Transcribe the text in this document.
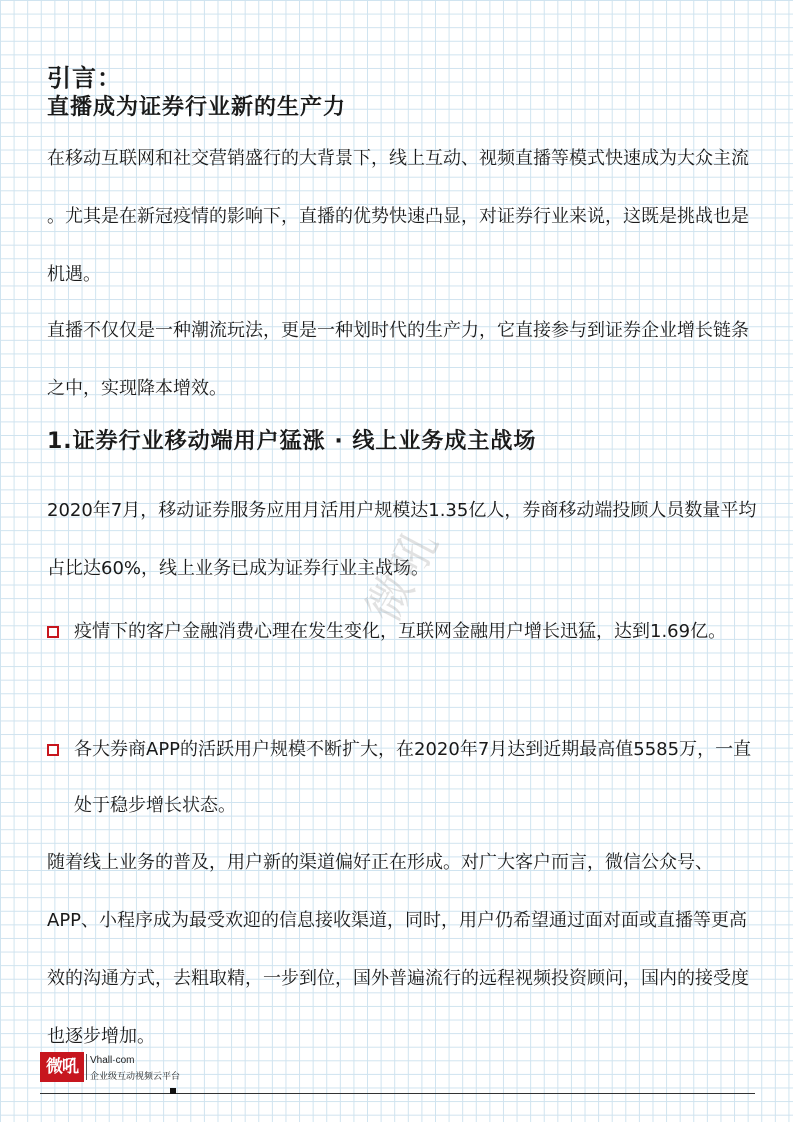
引言：
直播成为证券行业新的生产力

在移动互联网和社交营销盛行的大背景下，线上互动、视频直播等模式快速成为大众主流 。尤其是在新冠疫情的影响下，直播的优势快速凸显，对证券行业来说，这既是挑战也是机遇。

直播不仅仅是一种潮流玩法，更是一种划时代的生产力，它直接参与到证券企业增长链条之中，实现降本增效。

1.证券行业移动端用户猛涨 · 线上业务成主战场

2020年7月，移动证券服务应用月活用户规模达1.35亿人，券商移动端投顾人员数量平均占比达60%，线上业务已成为证券行业主战场。

疫情下的客户金融消费心理在发生变化，互联网金融用户增长迅猛，达到1.69亿。
各大券商APP的活跃用户规模不断扩大，在2020年7月达到近期最高值5585万，一直处于稳步增长状态。

随着线上业务的普及，用户新的渠道偏好正在形成。对广大客户而言，微信公众号、APP、小程序成为最受欢迎的信息接收渠道，同时，用户仍希望通过面对面或直播等更高效的沟通方式，去粗取精，一步到位，国外普遍流行的远程视频投资顾问，国内的接受度也逐步增加。

微吼
微吼	Vhall·com
企业级互动视频云平台
